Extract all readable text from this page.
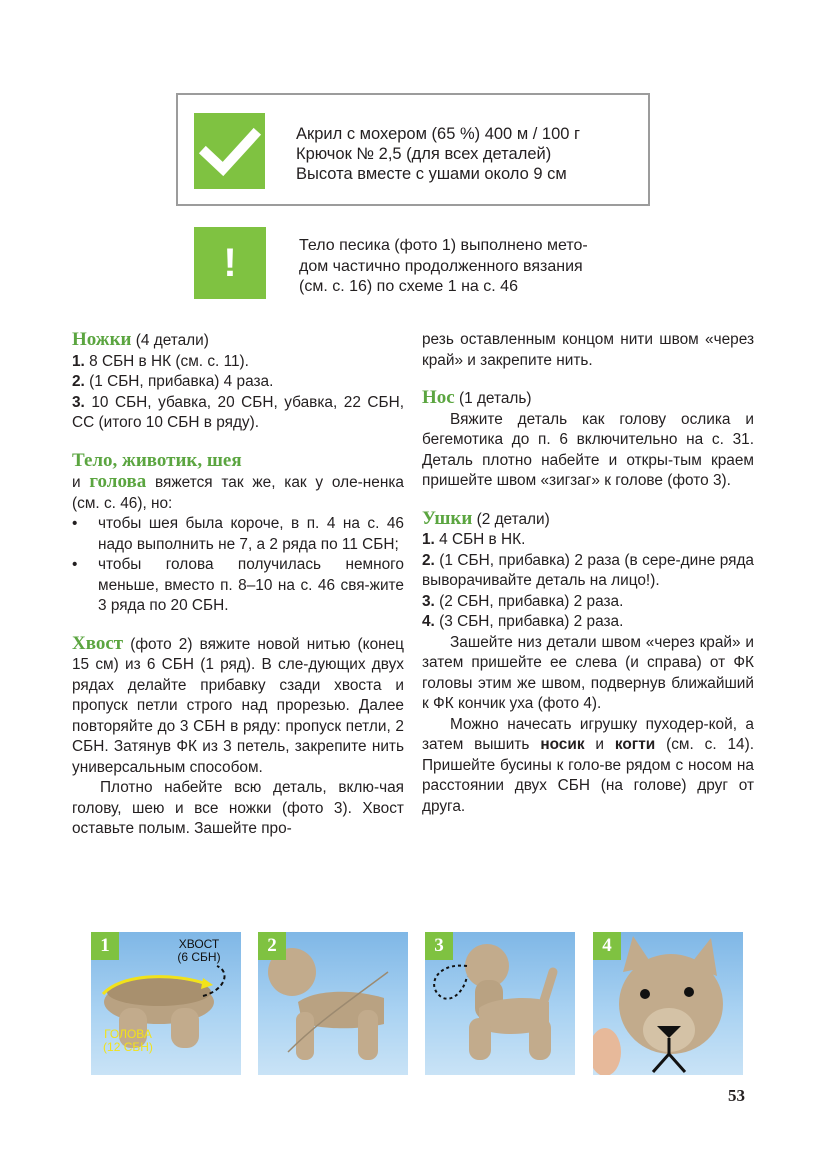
Акрил с мохером (65 %) 400 м / 100 г
Крючок № 2,5 (для всех деталей)
Высота вместе с ушами около 9 см
!	Тело песика (фото 1) выполнено мето-
дом частично продолженного вязания
(см. с. 16) по схеме 1 на с. 46

Ножки (4 детали)

1. 8 СБН в НК (см. с. 11).

2. (1 СБН, прибавка) 4 раза.

3. 10 СБН, убавка, 20 СБН, убавка, 22 СБН, СС (итого 10 СБН в ряду).

Тело, животик, шея

и голова вяжется так же, как у оле-ненка (см. с. 46), но:

•	чтобы шея была короче, в п. 4 на с. 46 надо выполнить не 7, а 2 ряда по 11 СБН;
•	чтобы голова получилась немного меньше, вместо п. 8–10 на с. 46 свя-жите 3 ряда по 20 СБН.

Хвост (фото 2) вяжите новой нитью (конец 15 см) из 6 СБН (1 ряд). В сле-дующих двух рядах делайте прибавку сзади хвоста и пропуск петли строго над прорезью. Далее повторяйте до 3 СБН в ряду: пропуск петли, 2 СБН. Затянув ФК из 3 петель, закрепите нить универсальным способом.

Плотно набейте всю деталь, вклю-чая голову, шею и все ножки (фото 3). Хвост оставьте полым. Зашейте про-

резь оставленным концом нити швом «через край» и закрепите нить.

Нос (1 деталь)

Вяжите деталь как голову ослика и бегемотика до п. 6 включительно на с. 31. Деталь плотно набейте и откры-тым краем пришейте швом «зигзаг» к голове (фото 3).

Ушки (2 детали)

1. 4 СБН в НК.

2. (1 СБН, прибавка) 2 раза (в сере-дине ряда выворачивайте деталь на лицо!).

3. (2 СБН, прибавка) 2 раза.

4. (3 СБН, прибавка) 2 раза.

Зашейте низ детали швом «через край» и затем пришейте ее слева (и справа) от ФК головы этим же швом, подвернув ближайший к ФК кончик уха (фото 4).

Можно начесать игрушку пуходер-кой, а затем вышить носик и когти (см. с. 14). Пришейте бусины к голо-ве рядом с носом на расстоянии двух СБН (на голове) друг от друга.

1	ХВОСТ
(6 СБН)
ГОЛОВА
(12 СБН)
2	3	4
53
